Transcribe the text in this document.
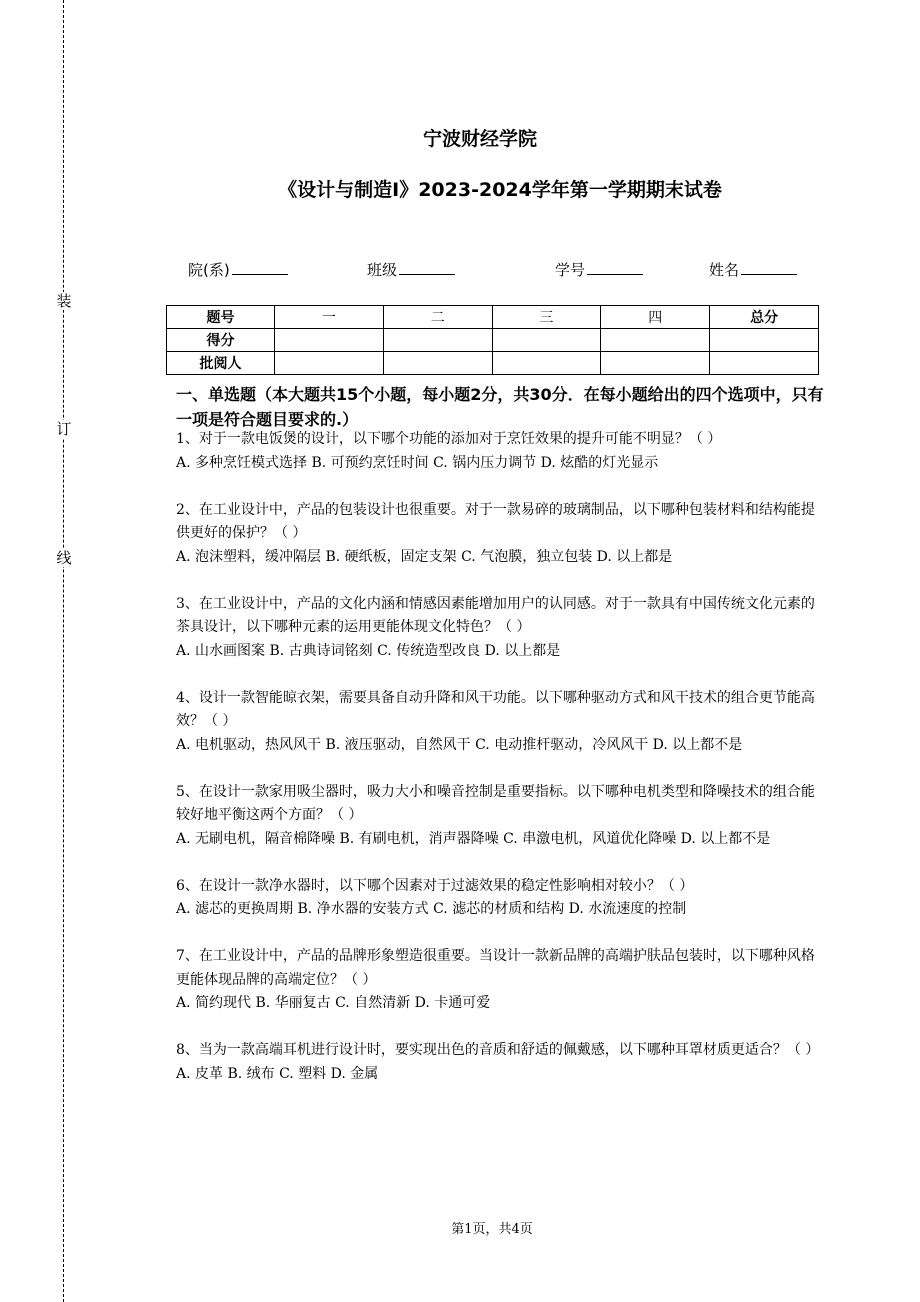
装
订
线
宁波财经学院
《设计与制造Ⅰ》2023-2024学年第一学期期末试卷
院(系)	班级	学号	姓名
题号	一	二	三	四	总分
得分					
批阅人					
一、单选题（本大题共15个小题，每小题2分，共30分．在每小题给出的四个选项中，只有一项是符合题目要求的.）
1、对于一款电饭煲的设计，以下哪个功能的添加对于烹饪效果的提升可能不明显？（ ）
A. 多种烹饪模式选择 B. 可预约烹饪时间 C. 锅内压力调节 D. 炫酷的灯光显示
2、在工业设计中，产品的包装设计也很重要。对于一款易碎的玻璃制品，以下哪种包装材料和结构能提供更好的保护？（ ）
A. 泡沫塑料，缓冲隔层 B. 硬纸板，固定支架 C. 气泡膜，独立包装 D. 以上都是
3、在工业设计中，产品的文化内涵和情感因素能增加用户的认同感。对于一款具有中国传统文化元素的茶具设计，以下哪种元素的运用更能体现文化特色？（ ）
A. 山水画图案 B. 古典诗词铭刻 C. 传统造型改良 D. 以上都是
4、设计一款智能晾衣架，需要具备自动升降和风干功能。以下哪种驱动方式和风干技术的组合更节能高效？（ ）
A. 电机驱动，热风风干 B. 液压驱动，自然风干 C. 电动推杆驱动，冷风风干 D. 以上都不是
5、在设计一款家用吸尘器时，吸力大小和噪音控制是重要指标。以下哪种电机类型和降噪技术的组合能较好地平衡这两个方面？（ ）
A. 无刷电机，隔音棉降噪 B. 有刷电机，消声器降噪 C. 串激电机，风道优化降噪 D. 以上都不是
6、在设计一款净水器时，以下哪个因素对于过滤效果的稳定性影响相对较小？（ ）
A. 滤芯的更换周期 B. 净水器的安装方式 C. 滤芯的材质和结构 D. 水流速度的控制
7、在工业设计中，产品的品牌形象塑造很重要。当设计一款新品牌的高端护肤品包装时，以下哪种风格更能体现品牌的高端定位？（ ）
A. 简约现代 B. 华丽复古 C. 自然清新 D. 卡通可爱
8、当为一款高端耳机进行设计时，要实现出色的音质和舒适的佩戴感，以下哪种耳罩材质更适合？（ ）
A. 皮革 B. 绒布 C. 塑料 D. 金属
第1页，共4页
